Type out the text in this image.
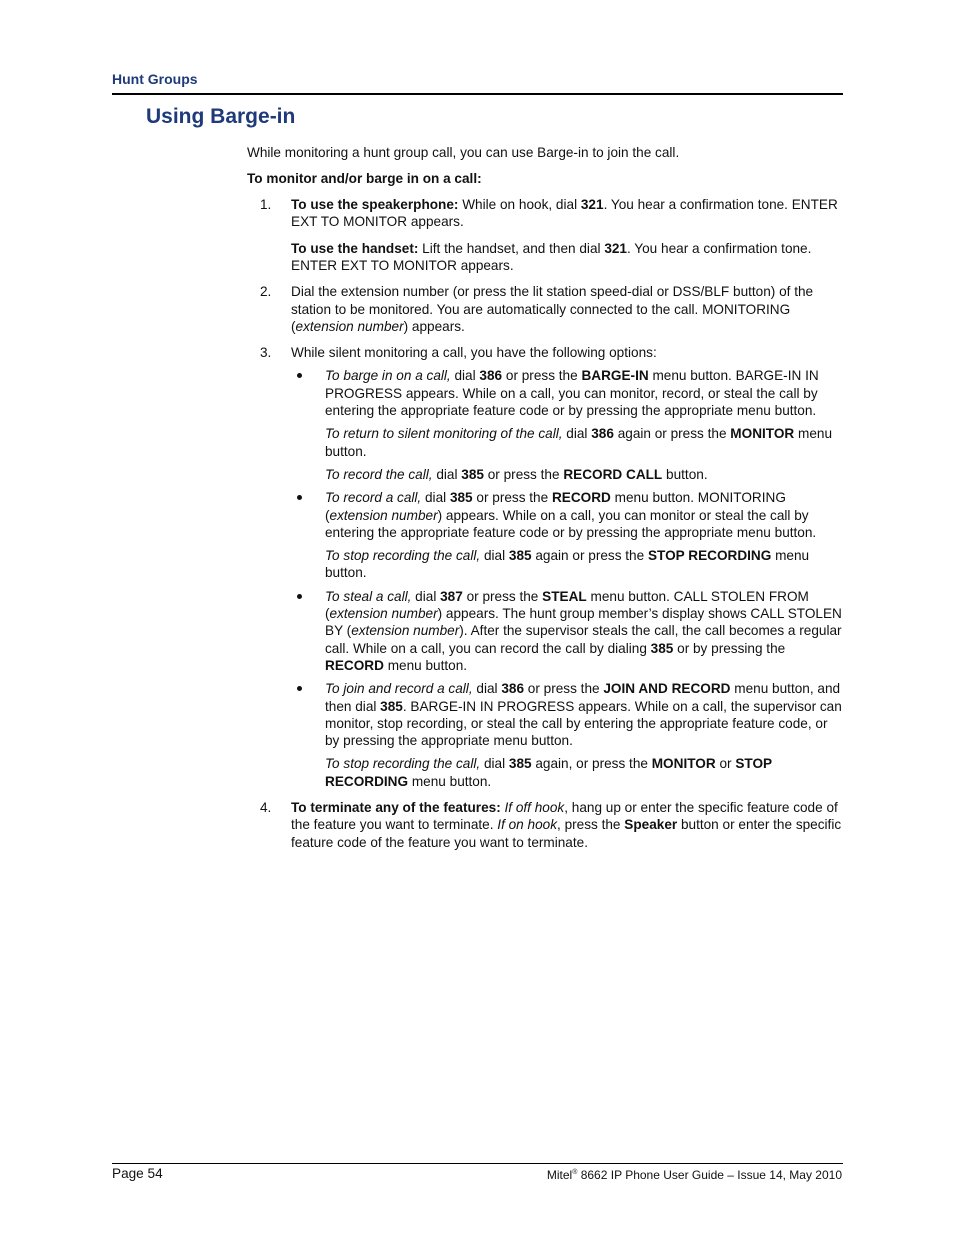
Hunt Groups
Using Barge-in

While monitoring a hunt group call, you can use Barge-in to join the call.

To monitor and/or barge in on a call:

1. To use the speakerphone: While on hook, dial 321. You hear a confirmation tone. ENTER EXT TO MONITOR appears.

To use the handset: Lift the handset, and then dial 321. You hear a confirmation tone. ENTER EXT TO MONITOR appears.

2. Dial the extension number (or press the lit station speed-dial or DSS/BLF button) of the station to be monitored. You are automatically connected to the call. MONITORING (extension number) appears.

3. While silent monitoring a call, you have the following options:

To barge in on a call, dial 386 or press the BARGE-IN menu button. BARGE-IN IN PROGRESS appears. While on a call, you can monitor, record, or steal the call by entering the appropriate feature code or by pressing the appropriate menu button.

To return to silent monitoring of the call, dial 386 again or press the MONITOR menu button.

To record the call, dial 385 or press the RECORD CALL button.

To record a call, dial 385 or press the RECORD menu button. MONITORING (extension number) appears. While on a call, you can monitor or steal the call by entering the appropriate feature code or by pressing the appropriate menu button.

To stop recording the call, dial 385 again or press the STOP RECORDING menu button.

To steal a call, dial 387 or press the STEAL menu button. CALL STOLEN FROM (extension number) appears. The hunt group member’s display shows CALL STOLEN BY (extension number). After the supervisor steals the call, the call becomes a regular call. While on a call, you can record the call by dialing 385 or by pressing the RECORD menu button.

To join and record a call, dial 386 or press the JOIN AND RECORD menu button, and then dial 385. BARGE-IN IN PROGRESS appears. While on a call, the supervisor can monitor, stop recording, or steal the call by entering the appropriate feature code, or by pressing the appropriate menu button.

To stop recording the call, dial 385 again, or press the MONITOR or STOP RECORDING menu button.

4. To terminate any of the features: If off hook, hang up or enter the specific feature code of the feature you want to terminate. If on hook, press the Speaker button or enter the specific feature code of the feature you want to terminate.

Page 54	Mitel® 8662 IP Phone User Guide – Issue 14, May 2010
